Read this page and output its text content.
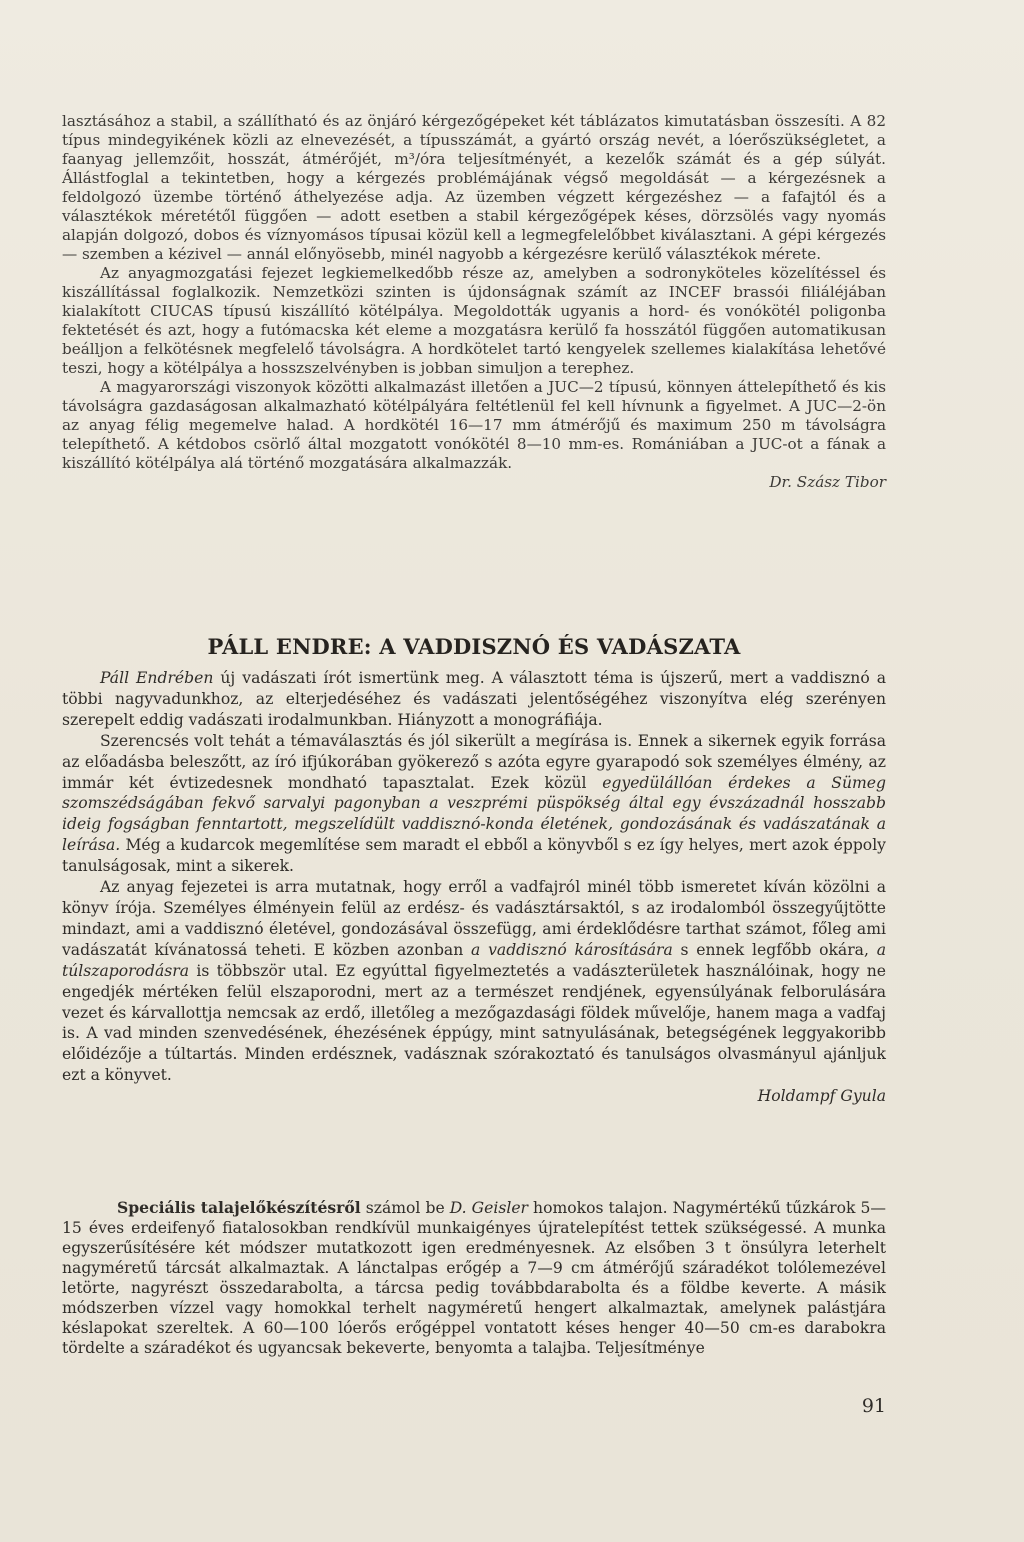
lasztásához a stabil, a szállítható és az önjáró kérgezőgépeket két táblázatos kimutatásban összesíti. A 82 típus mindegyikének közli az elnevezését, a típusszámát, a gyártó ország nevét, a lóerőszükségletet, a faanyag jellemzőit, hosszát, átmérőjét, m³/óra teljesítményét, a kezelők számát és a gép súlyát. Állástfoglal a tekintetben, hogy a kérgezés problémájának végső megoldását — a kérgezésnek a feldolgozó üzembe történő áthelyezése adja. Az üzemben végzett kérgezéshez — a fafajtól és a választékok méretétől függően — adott esetben a stabil kérgezőgépek késes, dörzsölés vagy nyomás alapján dolgozó, dobos és víznyomásos típusai közül kell a legmegfelelőbbet kiválasztani. A gépi kérgezés — szemben a kézivel — annál előnyösebb, minél nagyobb a kérgezésre kerülő választékok mérete.

Az anyagmozgatási fejezet legkiemelkedőbb része az, amelyben a sodronyköteles közelítéssel és kiszállítással foglalkozik. Nemzetközi szinten is újdonságnak számít az INCEF brassói filiáléjában kialakított CIUCAS típusú kiszállító kötélpálya. Megoldották ugyanis a hord- és vonókötél poligonba fektetését és azt, hogy a futómacska két eleme a mozgatásra kerülő fa hosszától függően automatikusan beálljon a felkötésnek megfelelő távolságra. A hordkötelet tartó kengyelek szellemes kialakítása lehetővé teszi, hogy a kötélpálya a hosszszelvényben is jobban simuljon a terephez.

A magyarországi viszonyok közötti alkalmazást illetően a JUC—2 típusú, könnyen áttelepíthető és kis távolságra gazdaságosan alkalmazható kötélpályára feltétlenül fel kell hívnunk a figyelmet. A JUC—2-ön az anyag félig megemelve halad. A hordkötél 16—17 mm átmérőjű és maximum 250 m távolságra telepíthető. A kétdobos csörlő által mozgatott vonókötél 8—10 mm-es. Romániában a JUC-ot a fának a kiszállító kötélpálya alá történő mozgatására alkalmazzák.

Dr. Szász Tibor

PÁLL ENDRE: A VADDISZNÓ ÉS VADÁSZATA

Páll Endrében új vadászati írót ismertünk meg. A választott téma is újszerű, mert a vaddisznó a többi nagyvadunkhoz, az elterjedéséhez és vadászati jelentőségéhez viszonyítva elég szerényen szerepelt eddig vadászati irodalmunkban. Hiányzott a monográfiája.

Szerencsés volt tehát a témaválasztás és jól sikerült a megírása is. Ennek a sikernek egyik forrása az előadásba beleszőtt, az író ifjúkorában gyökerező s azóta egyre gyarapodó sok személyes élmény, az immár két évtizedesnek mondható tapasztalat. Ezek közül egyedülállóan érdekes a Sümeg szomszédságában fekvő sarvalyi pagonyban a veszprémi püspökség által egy évszázadnál hosszabb ideig fogságban fenntartott, megszelídült vaddisznó-konda életének, gondozásának és vadászatának a leírása. Még a kudarcok megemlítése sem maradt el ebből a könyvből s ez így helyes, mert azok éppoly tanulságosak, mint a sikerek.

Az anyag fejezetei is arra mutatnak, hogy erről a vadfajról minél több ismeretet kíván közölni a könyv írója. Személyes élményein felül az erdész- és vadásztársaktól, s az irodalomból összegyűjtötte mindazt, ami a vaddisznó életével, gondozásával összefügg, ami érdeklődésre tarthat számot, főleg ami vadászatát kívánatossá teheti. E közben azonban a vaddisznó károsítására s ennek legfőbb okára, a túlszaporodásra is többször utal. Ez egyúttal figyelmeztetés a vadászterületek használóinak, hogy ne engedjék mértéken felül elszaporodni, mert az a természet rendjének, egyensúlyának felborulására vezet és kárvallottja nemcsak az erdő, illetőleg a mezőgazdasági földek művelője, hanem maga a vadfaj is. A vad minden szenvedésének, éhezésének éppúgy, mint satnyulásának, betegségének leggyakoribb előidézője a túltartás. Minden erdésznek, vadásznak szórakoztató és tanulságos olvasmányul ajánljuk ezt a könyvet.

Holdampf Gyula

Speciális talajelőkészítésről számol be D. Geisler homokos talajon. Nagymértékű tűzkárok 5—15 éves erdeifenyő fiatalosokban rendkívül munkaigényes újratelepítést tettek szükségessé. A munka egyszerűsítésére két módszer mutatkozott igen eredményesnek. Az elsőben 3 t önsúlyra leterhelt nagyméretű tárcsát alkalmaztak. A lánctalpas erőgép a 7—9 cm átmérőjű száradékot tolólemezével letörte, nagyrészt összedarabolta, a tárcsa pedig továbbdarabolta és a földbe keverte. A másik módszerben vízzel vagy homokkal terhelt nagyméretű hengert alkalmaztak, amelynek palástjára késlapokat szereltek. A 60—100 lóerős erőgéppel vontatott késes henger 40—50 cm-es darabokra tördelte a száradékot és ugyancsak bekeverte, benyomta a talajba. Teljesítménye

91
